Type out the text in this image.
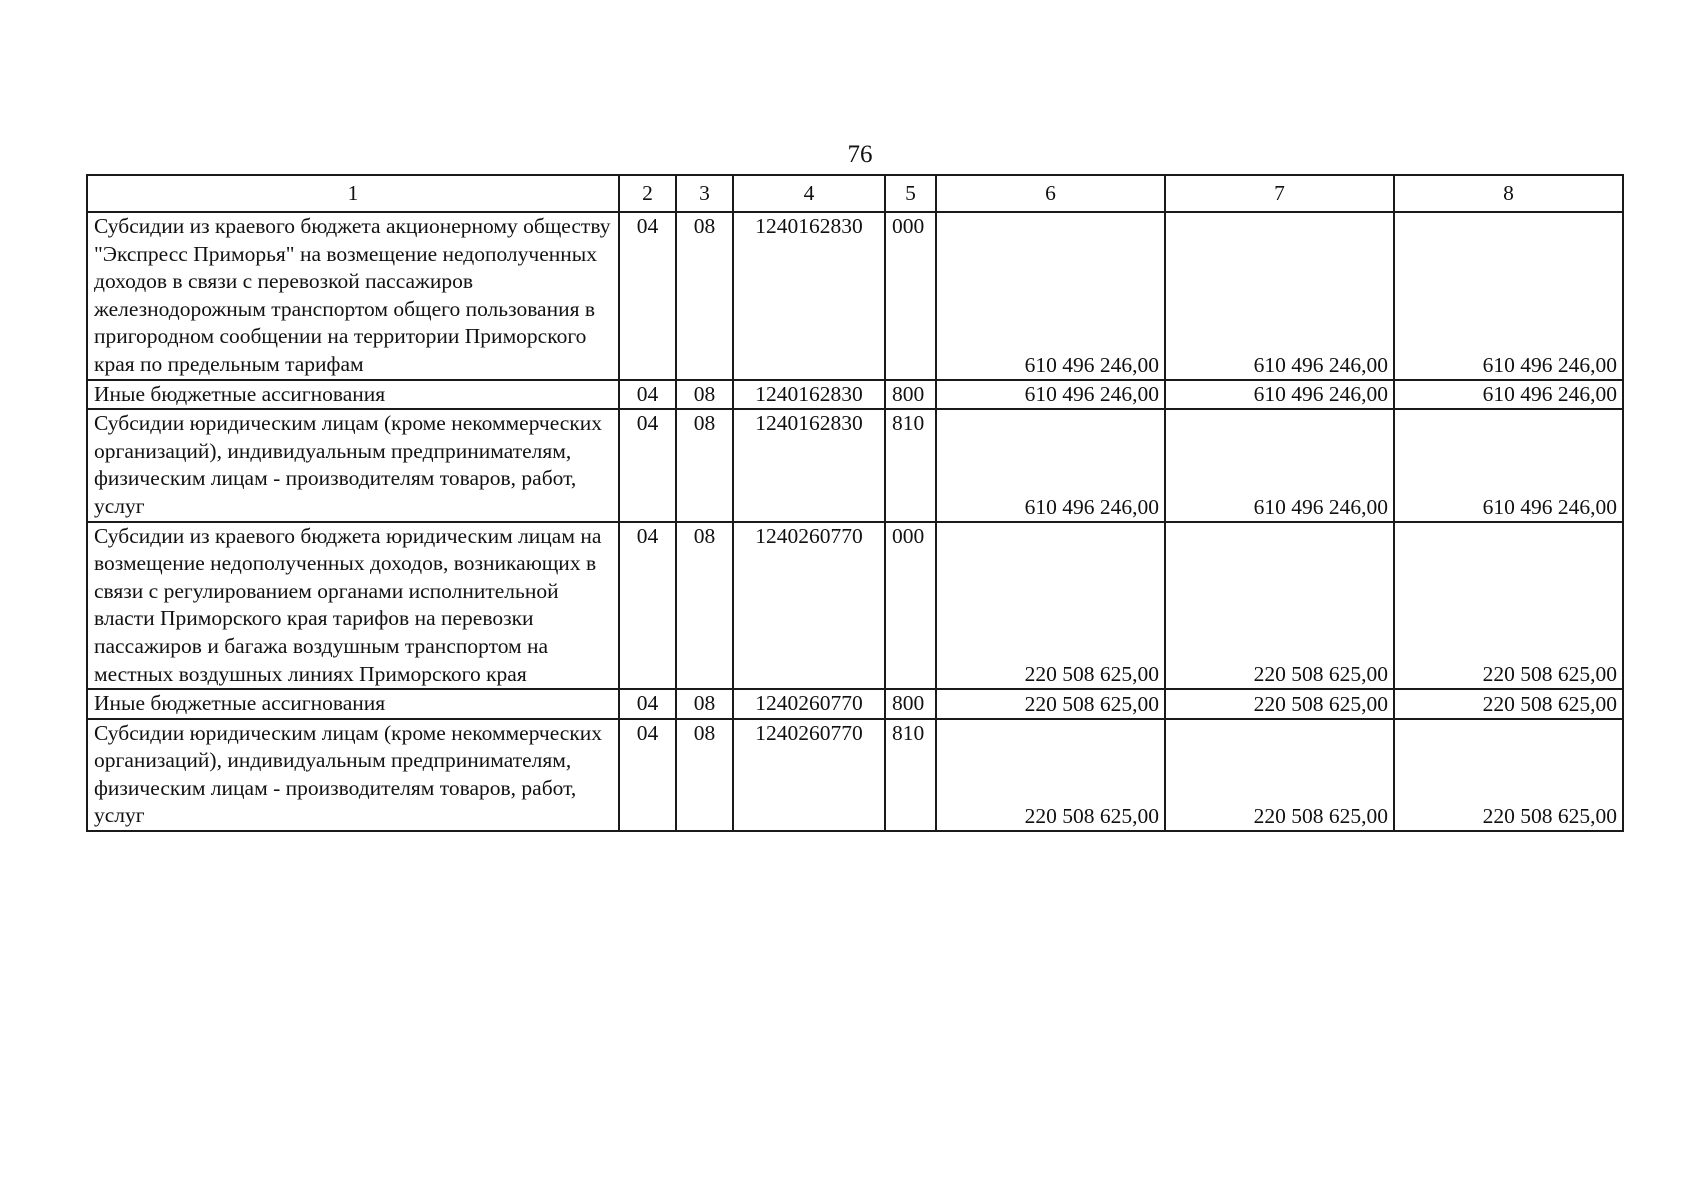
76
1	2	3	4	5	6	7	8
Субсидии из краевого бюджета акционерному обществу "Экспресс Приморья" на возмещение недополученных доходов в связи с перевозкой пассажиров железнодорожным транспортом общего пользования в пригородном сообщении на территории Приморского края по предельным тарифам	04	08	1240162830	000	610 496 246,00	610 496 246,00	610 496 246,00

Иные бюджетные ассигнования	04	08	1240162830	800	610 496 246,00	610 496 246,00	610 496 246,00

Субсидии юридическим лицам (кроме некоммерческих организаций), индивидуальным предпринимателям, физическим лицам - производителям товаров, работ, услуг	04	08	1240162830	810	610 496 246,00	610 496 246,00	610 496 246,00

Субсидии из краевого бюджета юридическим лицам на возмещение недополученных доходов, возникающих в связи с регулированием органами исполнительной власти Приморского края тарифов на перевозки пассажиров и багажа воздушным транспортом на местных воздушных линиях Приморского края	04	08	1240260770	000	220 508 625,00	220 508 625,00	220 508 625,00

Иные бюджетные ассигнования	04	08	1240260770	800	220 508 625,00	220 508 625,00	220 508 625,00

Субсидии юридическим лицам (кроме некоммерческих организаций), индивидуальным предпринимателям, физическим лицам - производителям товаров, работ, услуг	04	08	1240260770	810	220 508 625,00	220 508 625,00	220 508 625,00
